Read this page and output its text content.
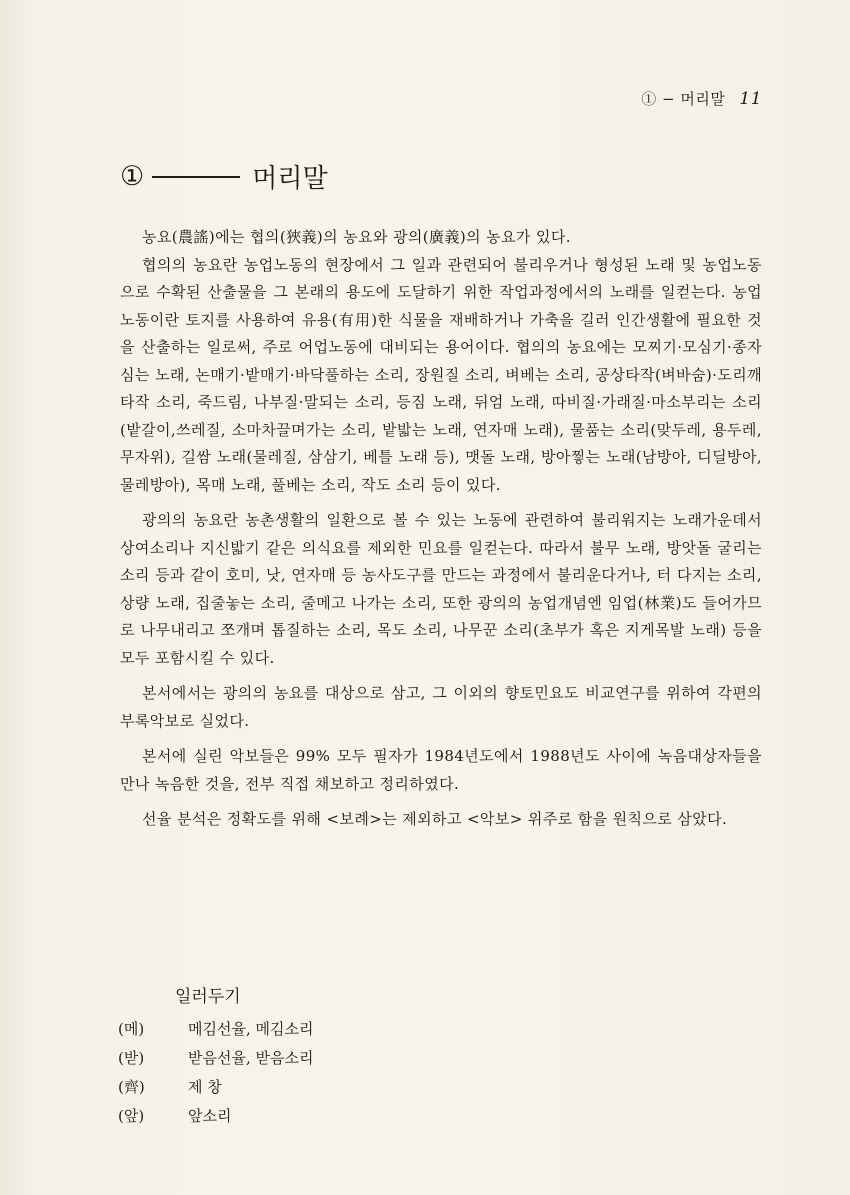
① − 머리말 11
①	머리말

농요(農謠)에는 협의(狹義)의 농요와 광의(廣義)의 농요가 있다.

협의의 농요란 농업노동의 현장에서 그 일과 관련되어 불리우거나 형성된 노래 및 농업노동으로 수확된 산출물을 그 본래의 용도에 도달하기 위한 작업과정에서의 노래를 일컫는다. 농업노동이란 토지를 사용하여 유용(有用)한 식물을 재배하거나 가축을 길러 인간생활에 필요한 것을 산출하는 일로써, 주로 어업노동에 대비되는 용어이다. 협의의 농요에는 모찌기·모심기·종자심는 노래, 논매기·밭매기·바닥풀하는 소리, 장원질 소리, 벼베는 소리, 공상타작(벼바숨)·도리깨타작 소리, 죽드림, 나부질·말되는 소리, 등짐 노래, 뒤엄 노래, 따비질·가래질·마소부리는 소리(밭갈이,쓰레질, 소마차끌며가는 소리, 밭밟는 노래, 연자매 노래), 물품는 소리(맞두레, 용두레, 무자위), 길쌈 노래(물레질, 삼삼기, 베틀 노래 등), 맷돌 노래, 방아찧는 노래(남방아, 디딜방아, 물레방아), 목매 노래, 풀베는 소리, 작도 소리 등이 있다.

광의의 농요란 농촌생활의 일환으로 볼 수 있는 노동에 관련하여 불리워지는 노래가운데서 상여소리나 지신밟기 같은 의식요를 제외한 민요를 일컫는다. 따라서 불무 노래, 방앗돌 굴리는 소리 등과 같이 호미, 낫, 연자매 등 농사도구를 만드는 과정에서 불리운다거나, 터 다지는 소리, 상량 노래, 집줄놓는 소리, 줄메고 나가는 소리, 또한 광의의 농업개념엔 임업(林業)도 들어가므로 나무내리고 쪼개며 톱질하는 소리, 목도 소리, 나무꾼 소리(초부가 혹은 지게목발 노래) 등을 모두 포함시킬 수 있다.

본서에서는 광의의 농요를 대상으로 삼고, 그 이외의 향토민요도 비교연구를 위하여 각편의 부록악보로 실었다.

본서에 실린 악보들은 99% 모두 필자가 1984년도에서 1988년도 사이에 녹음대상자들을 만나 녹음한 것을, 전부 직접 채보하고 정리하였다.

선율 분석은 정확도를 위해 <보례>는 제외하고 <악보> 위주로 함을 원칙으로 삼았다.

일러두기
(메)	메김선율, 메김소리
(받)	받음선율, 받음소리
(齊)	제 창
(앞)	앞소리
